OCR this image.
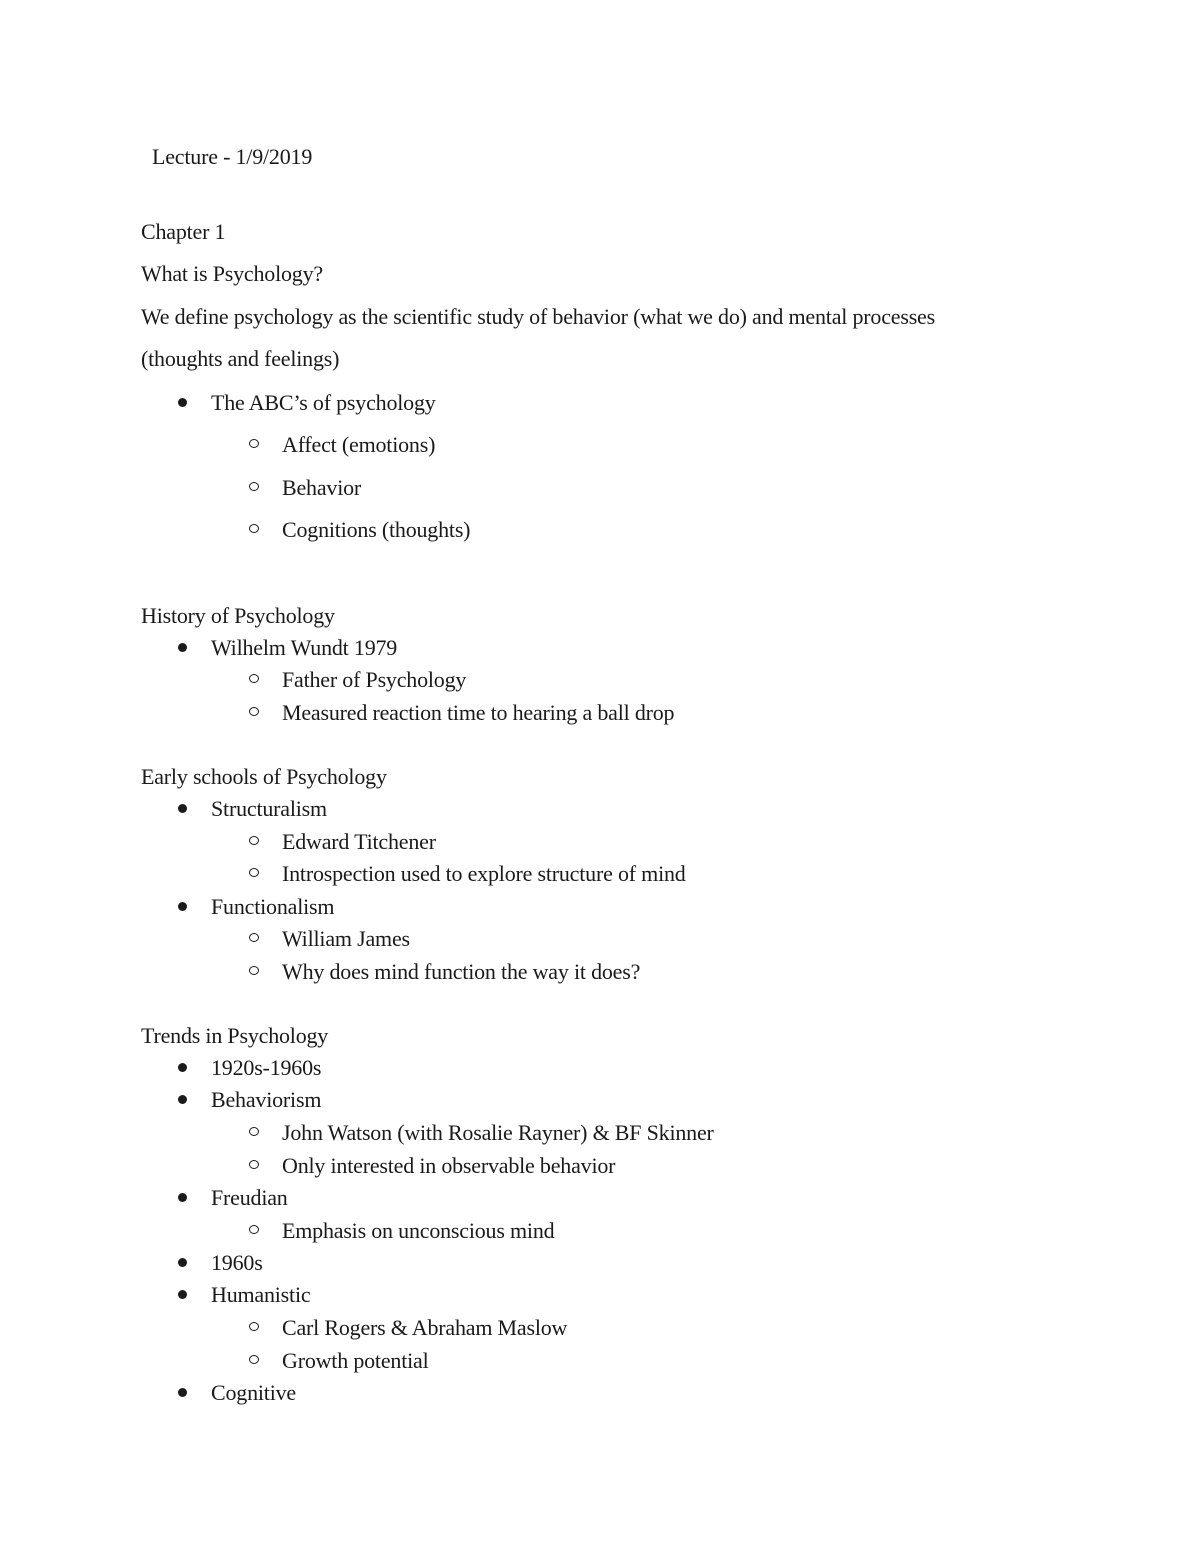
Lecture - 1/9/2019
Chapter 1
What is Psychology?
We define psychology as the scientific study of behavior (what we do) and mental processes
(thoughts and feelings)
The ABC’s of psychology
Affect (emotions)
Behavior
Cognitions (thoughts)
History of Psychology
Wilhelm Wundt 1979
Father of Psychology
Measured reaction time to hearing a ball drop
Early schools of Psychology
Structuralism
Edward Titchener
Introspection used to explore structure of mind
Functionalism
William James
Why does mind function the way it does?
Trends in Psychology
1920s-1960s
Behaviorism
John Watson (with Rosalie Rayner) & BF Skinner
Only interested in observable behavior
Freudian
Emphasis on unconscious mind
1960s
Humanistic
Carl Rogers & Abraham Maslow
Growth potential
Cognitive
